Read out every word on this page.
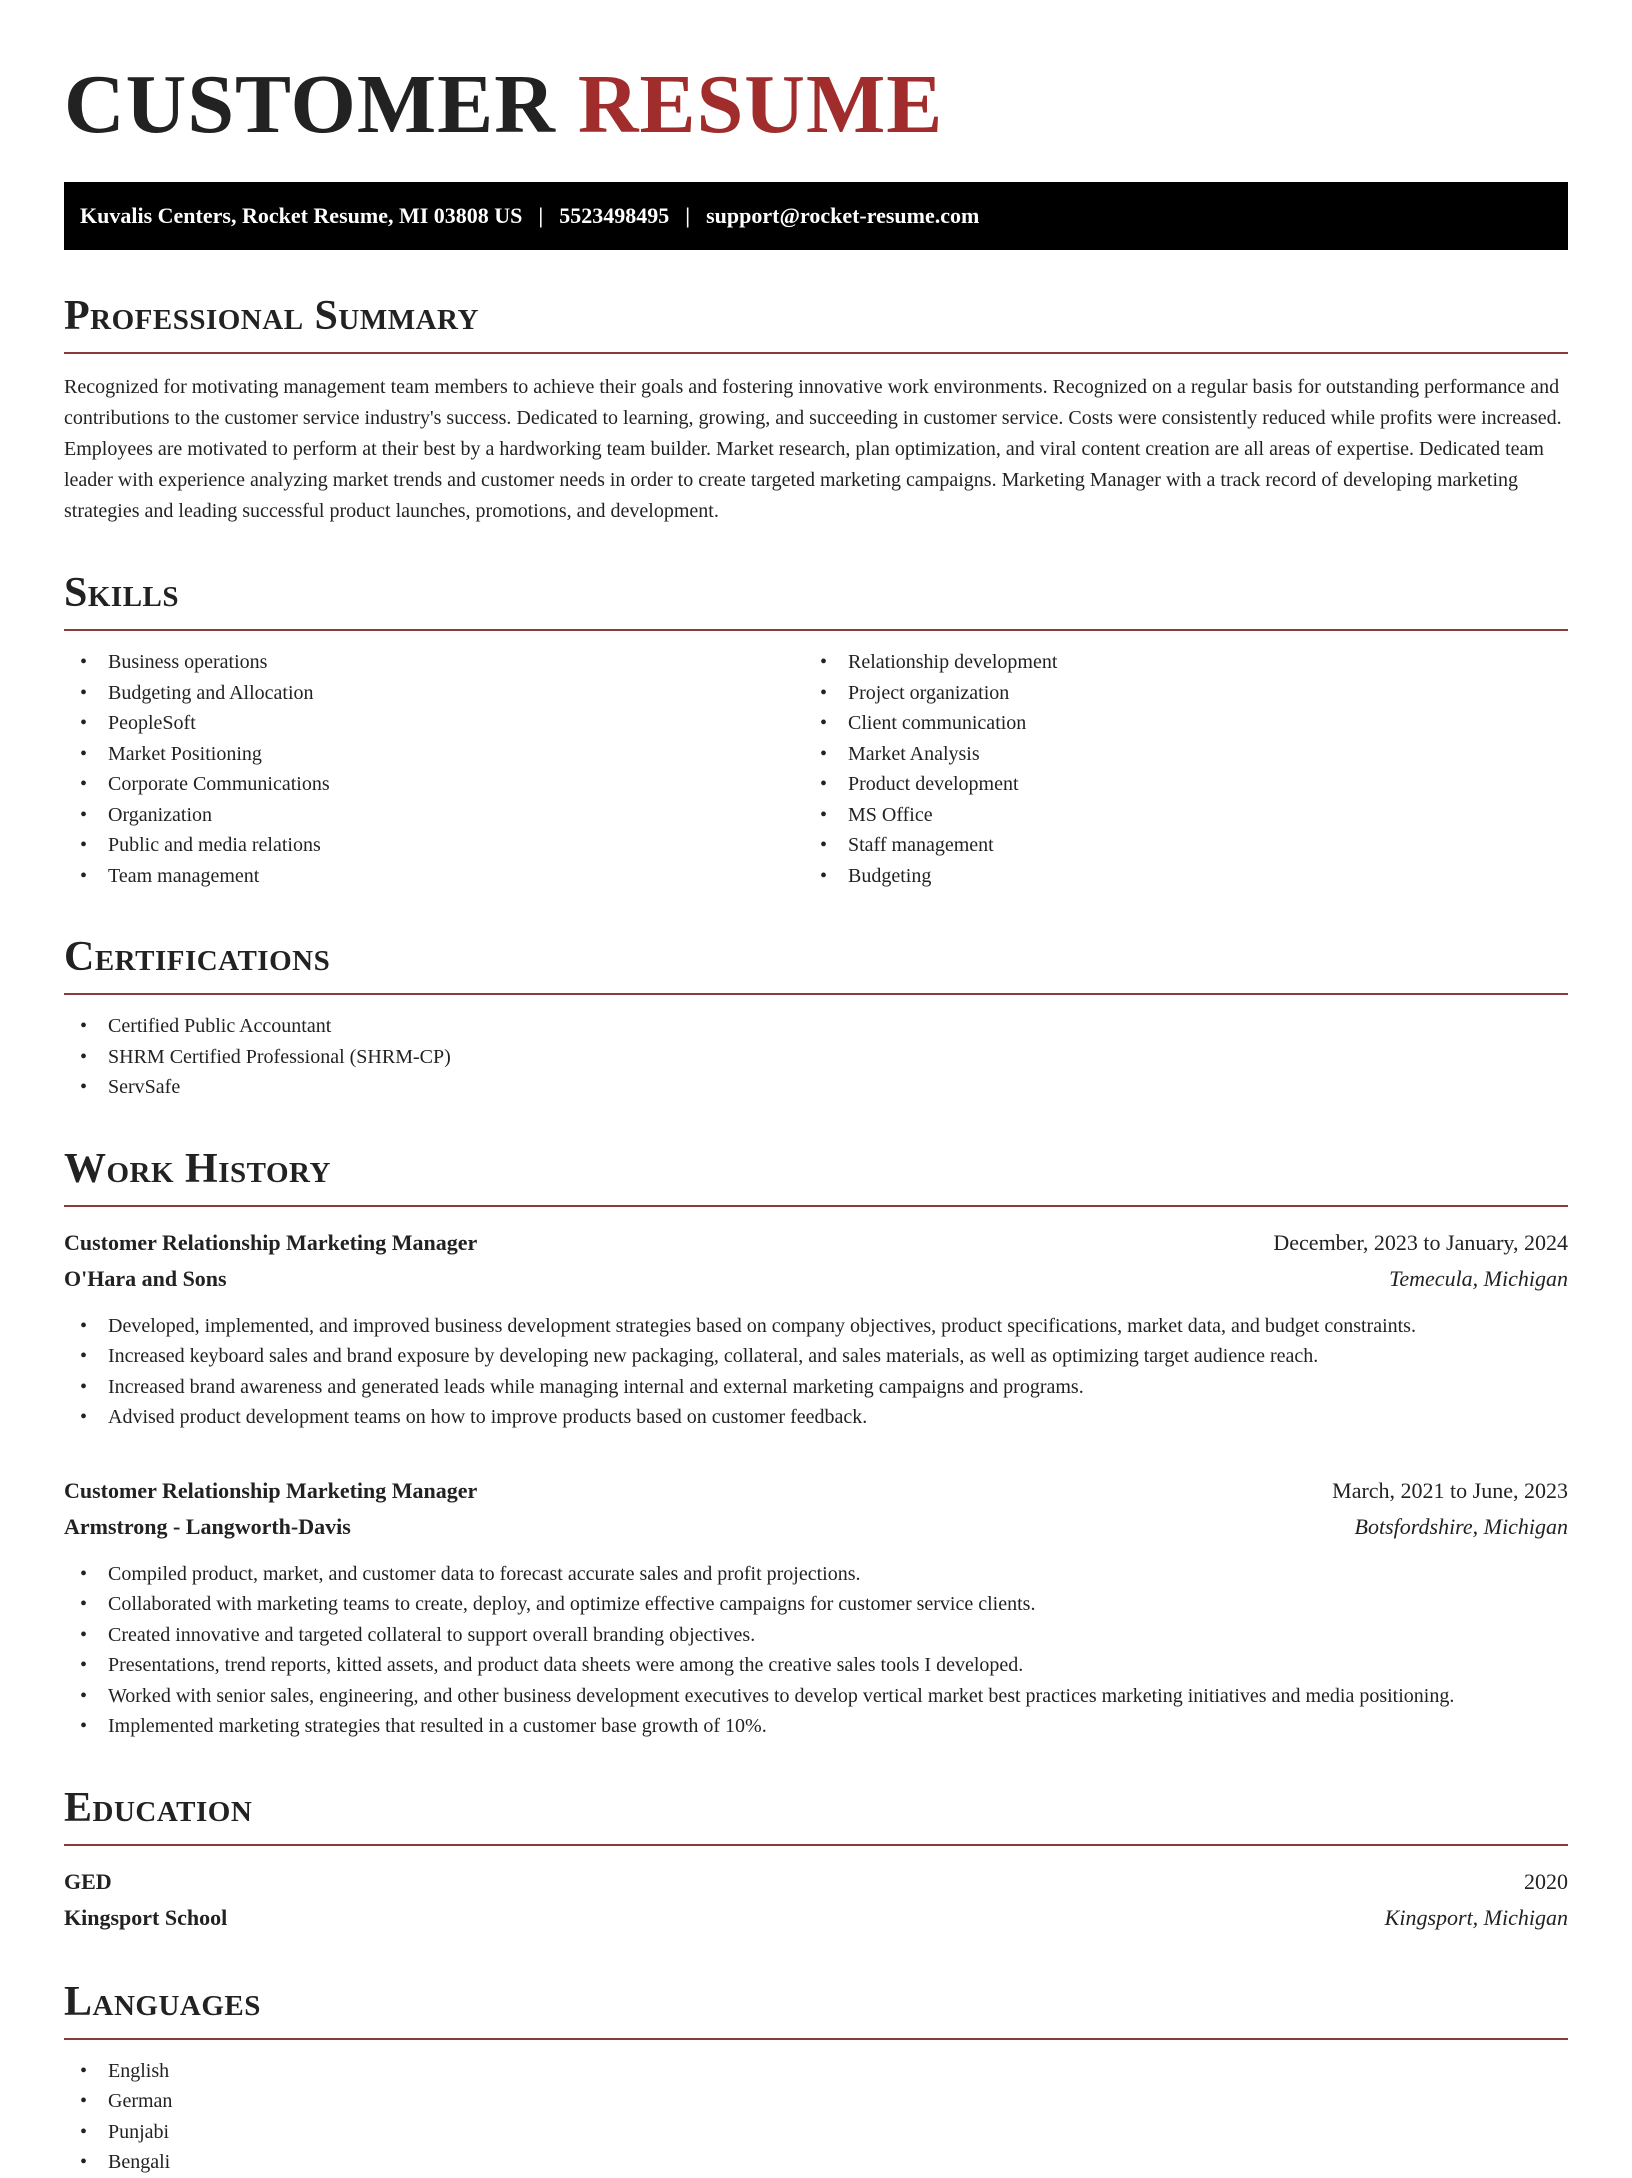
CUSTOMER RESUME
Kuvalis Centers, Rocket Resume, MI 03808 US | 5523498495 | support@rocket-resume.com
Professional Summary

Recognized for motivating management team members to achieve their goals and fostering innovative work environments. Recognized on a regular basis for outstanding performance and contributions to the customer service industry's success. Dedicated to learning, growing, and succeeding in customer service. Costs were consistently reduced while profits were increased. Employees are motivated to perform at their best by a hardworking team builder. Market research, plan optimization, and viral content creation are all areas of expertise. Dedicated team leader with experience analyzing market trends and customer needs in order to create targeted marketing campaigns. Marketing Manager with a track record of developing marketing strategies and leading successful product launches, promotions, and development.

Skills
• Business operations
• Budgeting and Allocation
• PeopleSoft
• Market Positioning
• Corporate Communications
• Organization
• Public and media relations
• Team management
• Relationship development
• Project organization
• Client communication
• Market Analysis
• Product development
• MS Office
• Staff management
• Budgeting
Certifications
• Certified Public Accountant
• SHRM Certified Professional (SHRM-CP)
• ServSafe
Work History
Customer Relationship Marketing Manager	December, 2023 to January, 2024
O'Hara and Sons	Temecula, Michigan
• Developed, implemented, and improved business development strategies based on company objectives, product specifications, market data, and budget constraints.
• Increased keyboard sales and brand exposure by developing new packaging, collateral, and sales materials, as well as optimizing target audience reach.
• Increased brand awareness and generated leads while managing internal and external marketing campaigns and programs.
• Advised product development teams on how to improve products based on customer feedback.
Customer Relationship Marketing Manager	March, 2021 to June, 2023
Armstrong - Langworth-Davis	Botsfordshire, Michigan
• Compiled product, market, and customer data to forecast accurate sales and profit projections.
• Collaborated with marketing teams to create, deploy, and optimize effective campaigns for customer service clients.
• Created innovative and targeted collateral to support overall branding objectives.
• Presentations, trend reports, kitted assets, and product data sheets were among the creative sales tools I developed.
• Worked with senior sales, engineering, and other business development executives to develop vertical market best practices marketing initiatives and media positioning.
• Implemented marketing strategies that resulted in a customer base growth of 10%.
Education
GED	2020
Kingsport School	Kingsport, Michigan
Languages
• English
• German
• Punjabi
• Bengali
